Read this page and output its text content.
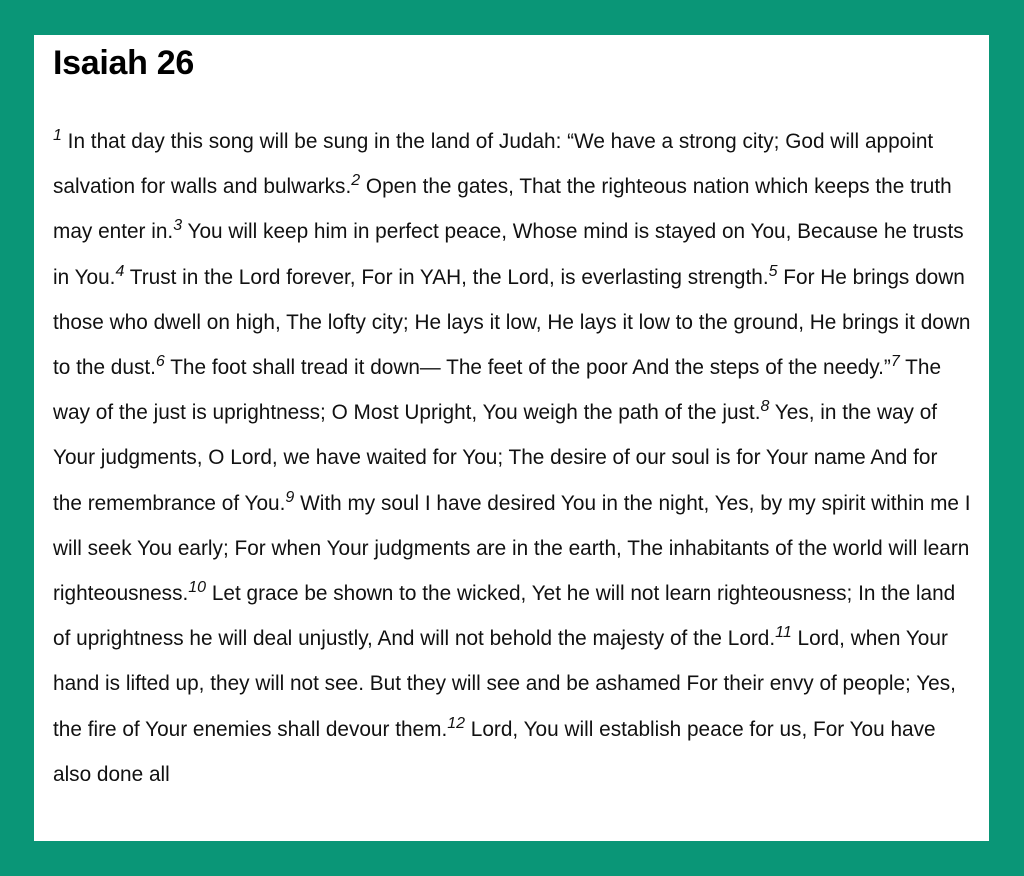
Isaiah 26

$^1$ In that day this song will be sung in the land of Judah: “We have a strong city; God will appoint salvation for walls and bulwarks.$^2$ Open the gates, That the righteous nation which keeps the truth may enter in.$^3$ You will keep him in perfect peace, Whose mind is stayed on You, Because he trusts in You.$^4$ Trust in the Lord forever, For in YAH, the Lord, is everlasting strength.$^5$ For He brings down those who dwell on high, The lofty city; He lays it low, He lays it low to the ground, He brings it down to the dust.$^6$ The foot shall tread it down— The feet of the poor And the steps of the needy.”$^7$ The way of the just is uprightness; O Most Upright, You weigh the path of the just.$^8$ Yes, in the way of Your judgments, O Lord, we have waited for You; The desire of our soul is for Your name And for the remembrance of You.$^9$ With my soul I have desired You in the night, Yes, by my spirit within me I will seek You early; For when Your judgments are in the earth, The inhabitants of the world will learn righteousness.$^{10}$ Let grace be shown to the wicked, Yet he will not learn righteousness; In the land of uprightness he will deal unjustly, And will not behold the majesty of the Lord.$^{11}$ Lord, when Your hand is lifted up, they will not see. But they will see and be ashamed For their envy of people; Yes, the fire of Your enemies shall devour them.$^{12}$ Lord, You will establish peace for us, For You have also done all
